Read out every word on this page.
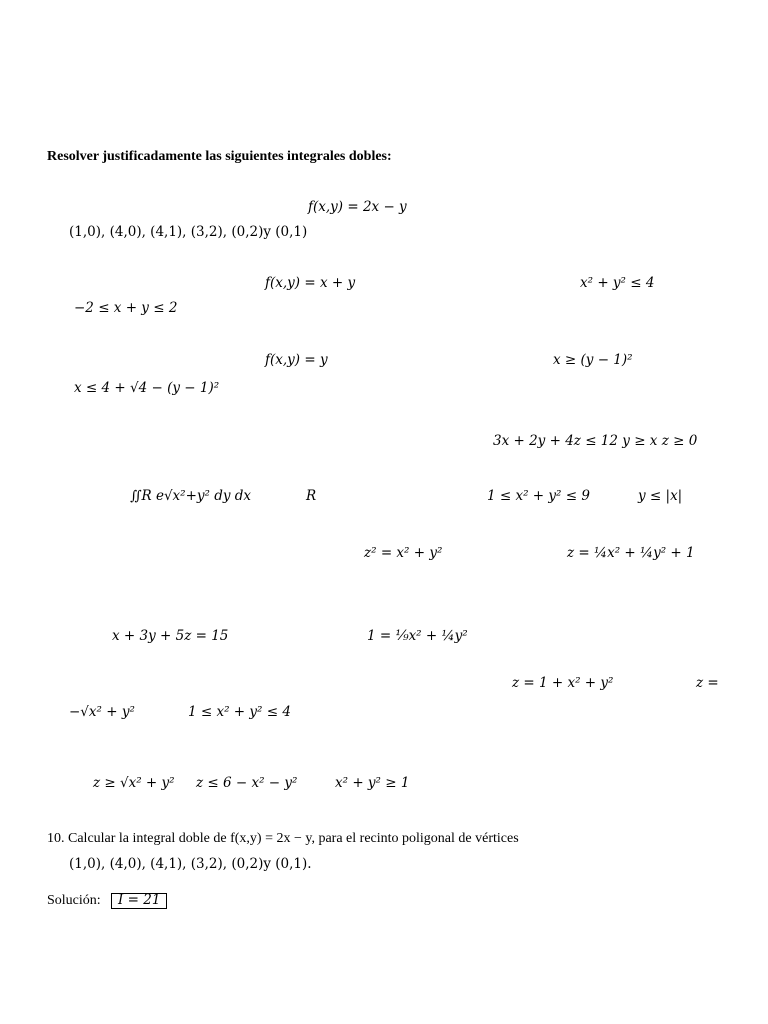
Resolver justificadamente las siguientes integrales dobles:
f(x,y) = 2x − y
(1,0), (4,0), (4,1), (3,2), (0,2)y (0,1)
f(x,y) = x + y	x² + y² ≤ 4
−2 ≤ x + y ≤ 2
f(x,y) = y	x ≥ (y − 1)²
x ≤ 4 + √4 − (y − 1)²
3x + 2y + 4z ≤ 12 y ≥ x z ≥ 0
∬R e√x²+y² dy dx	R	1 ≤ x² + y² ≤ 9	y ≤ |x|
z² = x² + y²	z = ¼x² + ¼y² + 1
x + 3y + 5z = 15	1 = ⅑x² + ¼y²
z = 1 + x² + y²	z =
−√x² + y²	1 ≤ x² + y² ≤ 4
z ≥ √x² + y² z ≤ 6 − x² − y²	x² + y² ≥ 1
10. Calcular la integral doble de f(x,y) = 2x − y, para el recinto poligonal de vértices
(1,0), (4,0), (4,1), (3,2), (0,2)y (0,1).
Solución:	I = 21
